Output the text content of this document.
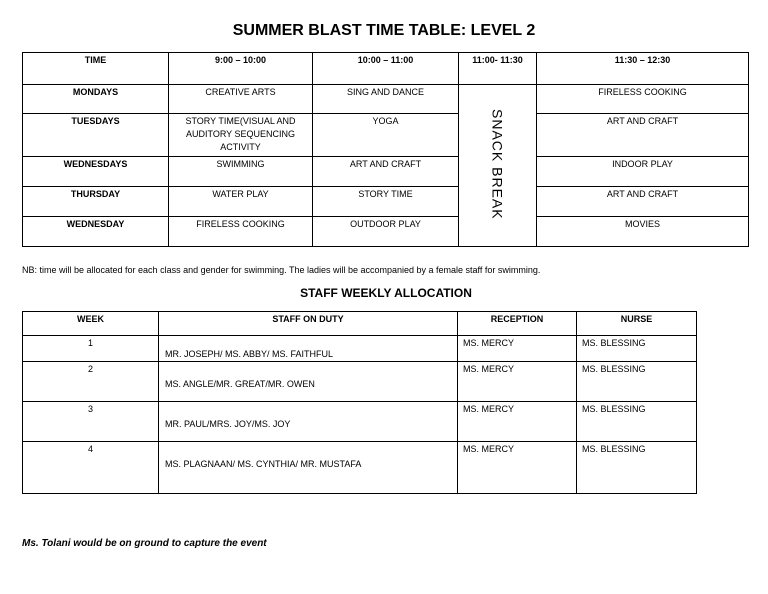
SUMMER BLAST TIME TABLE: LEVEL 2
TIME	9:00 – 10:00	10:00 – 11:00	11:00- 11:30	11:30 – 12:30
MONDAYS	CREATIVE ARTS	SING AND DANCE	SNACK BREAK	FIRELESS COOKING
TUESDAYS	STORY TIME(VISUAL AND AUDITORY SEQUENCING ACTIVITY	YOGA		ART AND CRAFT
WEDNESDAYS	SWIMMING	ART AND CRAFT		INDOOR PLAY
THURSDAY	WATER PLAY	STORY TIME		ART AND CRAFT
WEDNESDAY	FIRELESS COOKING	OUTDOOR PLAY		MOVIES
NB: time will be allocated for each class and gender for swimming. The ladies will be accompanied by a female staff for swimming.
STAFF WEEKLY ALLOCATION
WEEK	STAFF ON DUTY	RECEPTION	NURSE
1	MR. JOSEPH/ MS. ABBY/ MS. FAITHFUL	MS. MERCY	MS. BLESSING
2	MS. ANGLE/MR. GREAT/MR. OWEN	MS. MERCY	MS. BLESSING
3	MR. PAUL/MRS. JOY/MS. JOY	MS. MERCY	MS. BLESSING
4	MS. PLAGNAAN/ MS. CYNTHIA/ MR. MUSTAFA	MS. MERCY	MS. BLESSING
Ms. Tolani would be on ground to capture the event
